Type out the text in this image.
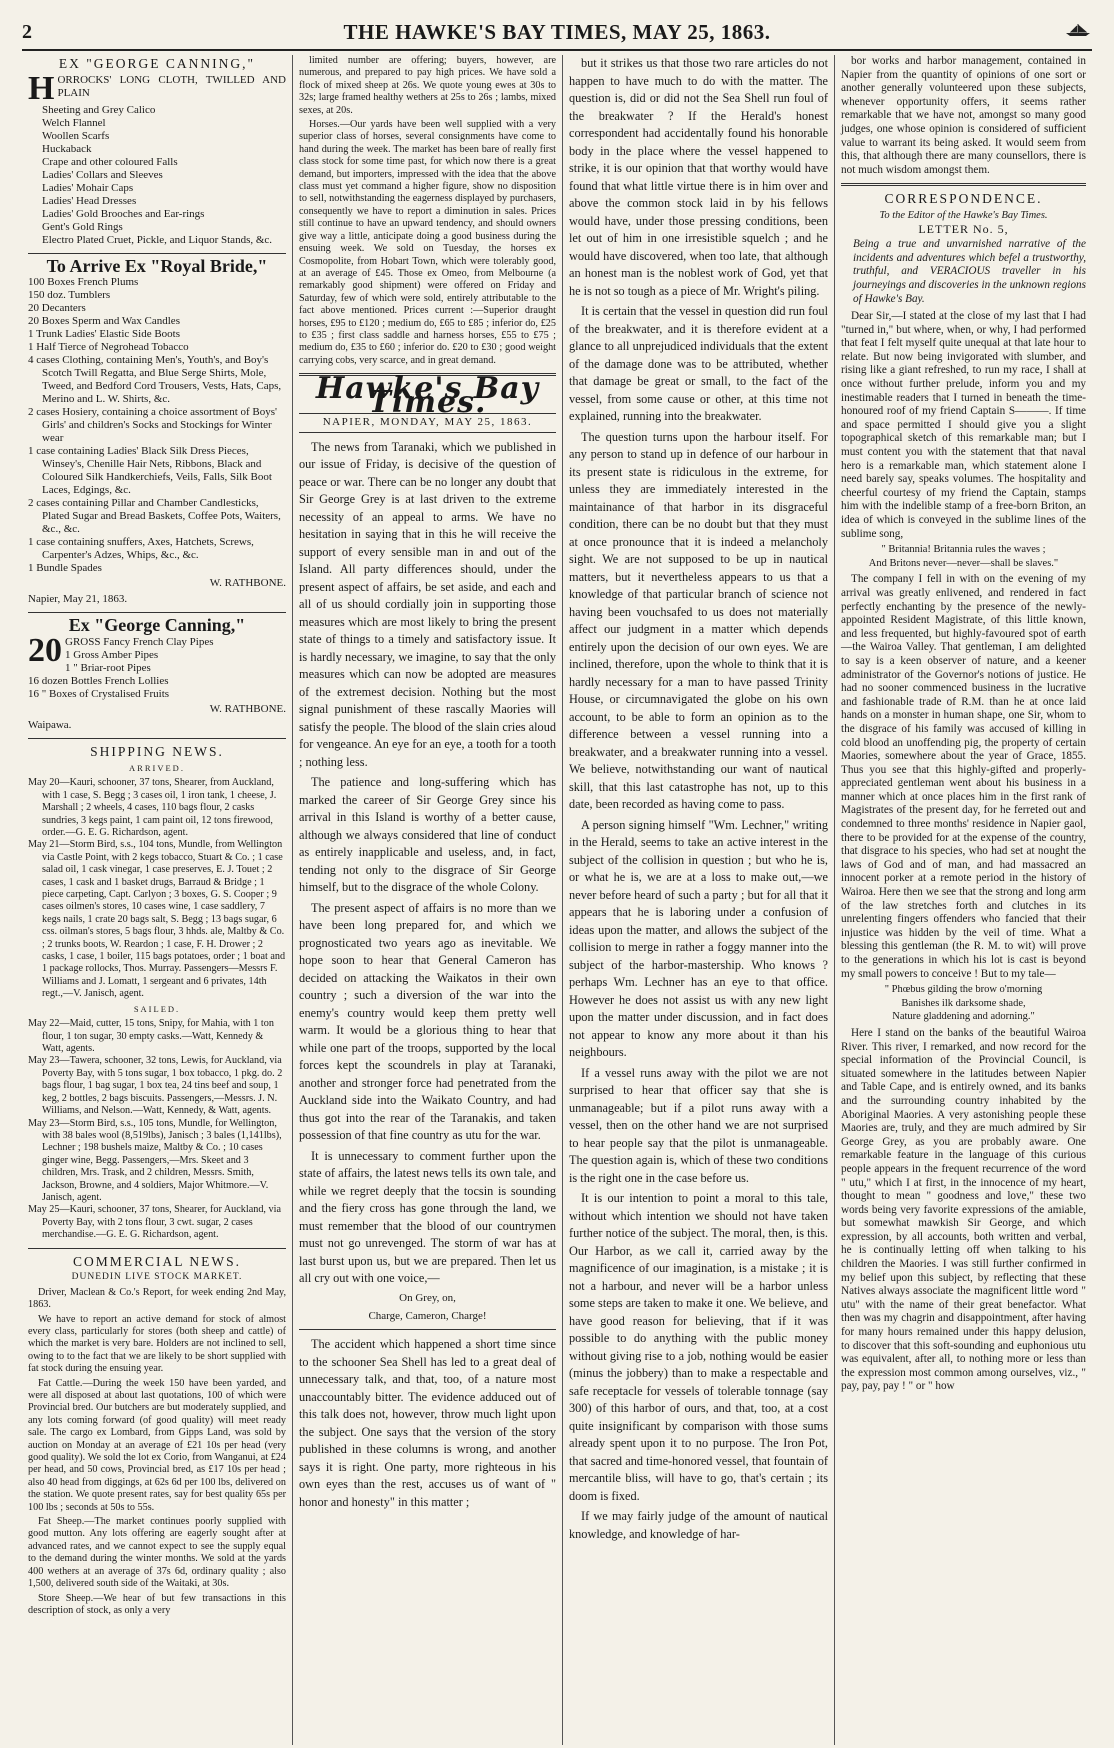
2	THE HAWKE'S BAY TIMES, MAY 25, 1863.
EX "GEORGE CANNING,"
H ORROCKS' LONG CLOTH, TWILLED AND PLAIN

Sheeting and Grey Calico

Welch Flannel

Woollen Scarfs

Huckaback

Crape and other coloured Falls

Ladies' Collars and Sleeves

Ladies' Mohair Caps

Ladies' Head Dresses

Ladies' Gold Brooches and Ear-rings

Gent's Gold Rings

Electro Plated Cruet, Pickle, and Liquor Stands, &c.

To Arrive Ex "Royal Bride,"

100 Boxes French Plums

150 doz. Tumblers

20 Decanters

20 Boxes Sperm and Wax Candles

1 Trunk Ladies' Elastic Side Boots

1 Half Tierce of Negrohead Tobacco

4 cases Clothing, containing Men's, Youth's, and Boy's Scotch Twill Regatta, and Blue Serge Shirts, Mole, Tweed, and Bedford Cord Trousers, Vests, Hats, Caps, Merino and L. W. Shirts, &c.

2 cases Hosiery, containing a choice assortment of Boys' Girls' and children's Socks and Stockings for Winter wear

1 case containing Ladies' Black Silk Dress Pieces, Winsey's, Chenille Hair Nets, Ribbons, Black and Coloured Silk Handkerchiefs, Veils, Falls, Silk Boot Laces, Edgings, &c.

2 cases containing Pillar and Chamber Candlesticks, Plated Sugar and Bread Baskets, Coffee Pots, Waiters, &c., &c.

1 case containing snuffers, Axes, Hatchets, Screws, Carpenter's Adzes, Whips, &c., &c.

1 Bundle Spades

W. RATHBONE.
Napier, May 21, 1863.
Ex "George Canning,"
20 GROSS Fancy French Clay Pipes

1 Gross Amber Pipes

1 " Briar-root Pipes

16 dozen Bottles French Lollies

16 " Boxes of Crystalised Fruits

W. RATHBONE.
Waipawa.
SHIPPING NEWS.
ARRIVED.

May 20—Kauri, schooner, 37 tons, Shearer, from Auckland, with 1 case, S. Begg ; 3 cases oil, 1 iron tank, 1 cheese, J. Marshall ; 2 wheels, 4 cases, 110 bags flour, 2 casks sundries, 3 kegs paint, 1 cam paint oil, 12 tons firewood, order.—G. E. G. Richardson, agent.

May 21—Storm Bird, s.s., 104 tons, Mundle, from Wellington via Castle Point, with 2 kegs tobacco, Stuart & Co. ; 1 case salad oil, 1 cask vinegar, 1 case preserves, E. J. Touet ; 2 cases, 1 cask and 1 basket drugs, Barraud & Bridge ; 1 piece carpeting, Capt. Carlyon ; 3 boxes, G. S. Cooper ; 9 cases oilmen's stores, 10 cases wine, 1 case saddlery, 7 kegs nails, 1 crate 20 bags salt, S. Begg ; 13 bags sugar, 6 css. oilman's stores, 5 bags flour, 3 hhds. ale, Maltby & Co. ; 2 trunks boots, W. Reardon ; 1 case, F. H. Drower ; 2 casks, 1 case, 1 boiler, 115 bags potatoes, order ; 1 boat and 1 package rollocks, Thos. Murray. Passengers—Messrs F. Williams and J. Lomatt, 1 sergeant and 6 privates, 14th regt.,—V. Janisch, agent.

SAILED.

May 22—Maid, cutter, 15 tons, Snipy, for Mahia, with 1 ton flour, 1 ton sugar, 30 empty casks.—Watt, Kennedy & Watt, agents.

May 23—Tawera, schooner, 32 tons, Lewis, for Auckland, via Poverty Bay, with 5 tons sugar, 1 box tobacco, 1 pkg. do. 2 bags flour, 1 bag sugar, 1 box tea, 24 tins beef and soup, 1 keg, 2 bottles, 2 bags biscuits. Passengers,—Messrs. J. N. Williams, and Nelson.—Watt, Kennedy, & Watt, agents.

May 23—Storm Bird, s.s., 105 tons, Mundle, for Wellington, with 38 bales wool (8,519lbs), Janisch ; 3 bales (1,141lbs), Lechner ; 198 bushels maize, Maltby & Co. ; 10 cases ginger wine, Begg. Passengers,—Mrs. Skeet and 3 children, Mrs. Trask, and 2 children, Messrs. Smith, Jackson, Browne, and 4 soldiers, Major Whitmore.—V. Janisch, agent.

May 25—Kauri, schooner, 37 tons, Shearer, for Auckland, via Poverty Bay, with 2 tons flour, 3 cwt. sugar, 2 cases merchandise.—G. E. G. Richardson, agent.

COMMERCIAL NEWS.
DUNEDIN LIVE STOCK MARKET.

Driver, Maclean & Co.'s Report, for week ending 2nd May, 1863.

We have to report an active demand for stock of almost every class, particularly for stores (both sheep and cattle) of which the market is very bare. Holders are not inclined to sell, owing to to the fact that we are likely to be short supplied with fat stock during the ensuing year.

Fat Cattle.—During the week 150 have been yarded, and were all disposed at about last quotations, 100 of which were Provincial bred. Our butchers are but moderately supplied, and any lots coming forward (of good quality) will meet ready sale. The cargo ex Lombard, from Gipps Land, was sold by auction on Monday at an average of £21 10s per head (very good quality). We sold the lot ex Corio, from Wanganui, at £24 per head, and 50 cows, Provincial bred, as £17 10s per head ; also 40 head from diggings, at 62s 6d per 100 lbs, delivered on the station. We quote present rates, say for best quality 65s per 100 lbs ; seconds at 50s to 55s.

Fat Sheep.—The market continues poorly supplied with good mutton. Any lots offering are eagerly sought after at advanced rates, and we cannot expect to see the supply equal to the demand during the winter months. We sold at the yards 400 wethers at an average of 37s 6d, ordinary quality ; also 1,500, delivered south side of the Waitaki, at 30s.

Store Sheep.—We hear of but few transactions in this description of stock, as only a very

limited number are offering; buyers, however, are numerous, and prepared to pay high prices. We have sold a flock of mixed sheep at 26s. We quote young ewes at 30s to 32s; large framed healthy wethers at 25s to 26s ; lambs, mixed sexes, at 20s.

Horses.—Our yards have been well supplied with a very superior class of horses, several consignments have come to hand during the week. The market has been bare of really first class stock for some time past, for which now there is a great demand, but importers, impressed with the idea that the above class must yet command a higher figure, show no disposition to sell, notwithstanding the eagerness displayed by purchasers, consequently we have to report a diminution in sales. Prices still continue to have an upward tendency, and should owners give way a little, anticipate doing a good business during the ensuing week. We sold on Tuesday, the horses ex Cosmopolite, from Hobart Town, which were tolerably good, at an average of £45. Those ex Omeo, from Melbourne (a remarkably good shipment) were offered on Friday and Saturday, few of which were sold, entirely attributable to the fact above mentioned. Prices current :—Superior draught horses, £95 to £120 ; medium do, £65 to £85 ; inferior do, £25 to £35 ; first class saddle and harness horses, £55 to £75 ; medium do, £35 to £60 ; inferior do. £20 to £30 ; good weight carrying cobs, very scarce, and in great demand.

Hawke's Bay Times.
NAPIER, MONDAY, MAY 25, 1863.

The news from Taranaki, which we published in our issue of Friday, is decisive of the question of peace or war. There can be no longer any doubt that Sir George Grey is at last driven to the extreme necessity of an appeal to arms. We have no hesitation in saying that in this he will receive the support of every sensible man in and out of the Island. All party differences should, under the present aspect of affairs, be set aside, and each and all of us should cordially join in supporting those measures which are most likely to bring the present state of things to a timely and satisfactory issue. It is hardly necessary, we imagine, to say that the only measures which can now be adopted are measures of the extremest decision. Nothing but the most signal punishment of these rascally Maories will satisfy the people. The blood of the slain cries aloud for vengeance. An eye for an eye, a tooth for a tooth ; nothing less.

The patience and long-suffering which has marked the career of Sir George Grey since his arrival in this Island is worthy of a better cause, although we always considered that line of conduct as entirely inapplicable and useless, and, in fact, tending not only to the disgrace of Sir George himself, but to the disgrace of the whole Colony.

The present aspect of affairs is no more than we have been long prepared for, and which we prognosticated two years ago as inevitable. We hope soon to hear that General Cameron has decided on attacking the Waikatos in their own country ; such a diversion of the war into the enemy's country would keep them pretty well warm. It would be a glorious thing to hear that while one part of the troops, supported by the local forces kept the scoundrels in play at Taranaki, another and stronger force had penetrated from the Auckland side into the Waikato Country, and had thus got into the rear of the Taranakis, and taken possession of that fine country as utu for the war.

It is unnecessary to comment further upon the state of affairs, the latest news tells its own tale, and while we regret deeply that the tocsin is sounding and the fiery cross has gone through the land, we must remember that the blood of our countrymen must not go unrevenged. The storm of war has at last burst upon us, but we are prepared. Then let us all cry out with one voice,—

On Grey, on,
Charge, Cameron, Charge!

The accident which happened a short time since to the schooner Sea Shell has led to a great deal of unnecessary talk, and that, too, of a nature most unaccountably bitter. The evidence adduced out of this talk does not, however, throw much light upon the subject. One says that the version of the story published in these columns is wrong, and another says it is right. One party, more righteous in his own eyes than the rest, accuses us of want of " honor and honesty" in this matter ;

but it strikes us that those two rare articles do not happen to have much to do with the matter. The question is, did or did not the Sea Shell run foul of the breakwater ? If the Herald's honest correspondent had accidentally found his honorable body in the place where the vessel happened to strike, it is our opinion that that worthy would have found that what little virtue there is in him over and above the common stock laid in by his fellows would have, under those pressing conditions, been let out of him in one irresistible squelch ; and he would have discovered, when too late, that although an honest man is the noblest work of God, yet that he is not so tough as a piece of Mr. Wright's piling.

It is certain that the vessel in question did run foul of the breakwater, and it is therefore evident at a glance to all unprejudiced individuals that the extent of the damage done was to be attributed, whether that damage be great or small, to the fact of the vessel, from some cause or other, at this time not explained, running into the breakwater.

The question turns upon the harbour itself. For any person to stand up in defence of our harbour in its present state is ridiculous in the extreme, for unless they are immediately interested in the maintainance of that harbor in its disgraceful condition, there can be no doubt but that they must at once pronounce that it is indeed a melancholy sight. We are not supposed to be up in nautical matters, but it nevertheless appears to us that a knowledge of that particular branch of science not having been vouchsafed to us does not materially affect our judgment in a matter which depends entirely upon the decision of our own eyes. We are inclined, therefore, upon the whole to think that it is hardly necessary for a man to have passed Trinity House, or circumnavigated the globe on his own account, to be able to form an opinion as to the difference between a vessel running into a breakwater, and a breakwater running into a vessel. We believe, notwithstanding our want of nautical skill, that this last catastrophe has not, up to this date, been recorded as having come to pass.

A person signing himself "Wm. Lechner," writing in the Herald, seems to take an active interest in the subject of the collision in question ; but who he is, or what he is, we are at a loss to make out,—we never before heard of such a party ; but for all that it appears that he is laboring under a confusion of ideas upon the matter, and allows the subject of the collision to merge in rather a foggy manner into the subject of the harbor-mastership. Who knows ? perhaps Wm. Lechner has an eye to that office. However he does not assist us with any new light upon the matter under discussion, and in fact does not appear to know any more about it than his neighbours.

If a vessel runs away with the pilot we are not surprised to hear that officer say that she is unmanageable; but if a pilot runs away with a vessel, then on the other hand we are not surprised to hear people say that the pilot is unmanageable. The question again is, which of these two conditions is the right one in the case before us.

It is our intention to point a moral to this tale, without which intention we should not have taken further notice of the subject. The moral, then, is this. Our Harbor, as we call it, carried away by the magnificence of our imagination, is a mistake ; it is not a harbour, and never will be a harbor unless some steps are taken to make it one. We believe, and have good reason for believing, that if it was possible to do anything with the public money without giving rise to a job, nothing would be easier (minus the jobbery) than to make a respectable and safe receptacle for vessels of tolerable tonnage (say 300) of this harbor of ours, and that, too, at a cost quite insignificant by comparison with those sums already spent upon it to no purpose. The Iron Pot, that sacred and time-honored vessel, that fountain of mercantile bliss, will have to go, that's certain ; its doom is fixed.

If we may fairly judge of the amount of nautical knowledge, and knowledge of har-

bor works and harbor management, contained in Napier from the quantity of opinions of one sort or another generally volunteered upon these subjects, whenever opportunity offers, it seems rather remarkable that we have not, amongst so many good judges, one whose opinion is considered of sufficient value to warrant its being asked. It would seem from this, that although there are many counsellors, there is not much wisdom amongst them.

CORRESPONDENCE.
To the Editor of the Hawke's Bay Times.
LETTER No. 5,
Being a true and unvarnished narrative of the incidents and adventures which befel a trustworthy, truthful, and VERACIOUS traveller in his journeyings and discoveries in the unknown regions of Hawke's Bay.

Dear Sir,—I stated at the close of my last that I had "turned in," but where, when, or why, I had performed that feat I felt myself quite unequal at that late hour to relate. But now being invigorated with slumber, and rising like a giant refreshed, to run my race, I shall at once without further prelude, inform you and my inestimable readers that I turned in beneath the time-honoured roof of my friend Captain S———. If time and space permitted I should give you a slight topographical sketch of this remarkable man; but I must content you with the statement that that naval hero is a remarkable man, which statement alone I need barely say, speaks volumes. The hospitality and cheerful courtesy of my friend the Captain, stamps him with the indelible stamp of a free-born Briton, an idea of which is conveyed in the sublime lines of the sublime song,

" Britannia! Britannia rules the waves ;
And Britons never—never—shall be slaves."

The company I fell in with on the evening of my arrival was greatly enlivened, and rendered in fact perfectly enchanting by the presence of the newly-appointed Resident Magistrate, of this little known, and less frequented, but highly-favoured spot of earth—the Wairoa Valley. That gentleman, I am delighted to say is a keen observer of nature, and a keener administrator of the Governor's notions of justice. He had no sooner commenced business in the lucrative and fashionable trade of R.M. than he at once laid hands on a monster in human shape, one Sir, whom to the disgrace of his family was accused of killing in cold blood an unoffending pig, the property of certain Maories, somewhere about the year of Grace, 1855. Thus you see that this highly-gifted and properly-appreciated gentleman went about his business in a manner which at once places him in the first rank of Magistrates of the present day, for he ferreted out and condemned to three months' residence in Napier gaol, there to be provided for at the expense of the country, that disgrace to his species, who had set at nought the laws of God and of man, and had massacred an innocent porker at a remote period in the history of Wairoa. Here then we see that the strong and long arm of the law stretches forth and clutches in its unrelenting fingers offenders who fancied that their injustice was hidden by the veil of time. What a blessing this gentleman (the R. M. to wit) will prove to the generations in which his lot is cast is beyond my small powers to conceive ! But to my tale—

" Phœbus gilding the brow o'morning
Banishes ilk darksome shade,
Nature gladdening and adorning."

Here I stand on the banks of the beautiful Wairoa River. This river, I remarked, and now record for the special information of the Provincial Council, is situated somewhere in the latitudes between Napier and Table Cape, and is entirely owned, and its banks and the surrounding country inhabited by the Aboriginal Maories. A very astonishing people these Maories are, truly, and they are much admired by Sir George Grey, as you are probably aware. One remarkable feature in the language of this curious people appears in the frequent recurrence of the word " utu," which I at first, in the innocence of my heart, thought to mean " goodness and love," these two words being very favorite expressions of the amiable, but somewhat mawkish Sir George, and which expression, by all accounts, both written and verbal, he is continually letting off when talking to his children the Maories. I was still further confirmed in my belief upon this subject, by reflecting that these Natives always associate the magnificent little word " utu" with the name of their great benefactor. What then was my chagrin and disappointment, after having for many hours remained under this happy delusion, to discover that this soft-sounding and euphonious utu was equivalent, after all, to nothing more or less than the expression most common among ourselves, viz., " pay, pay, pay ! " or " how
